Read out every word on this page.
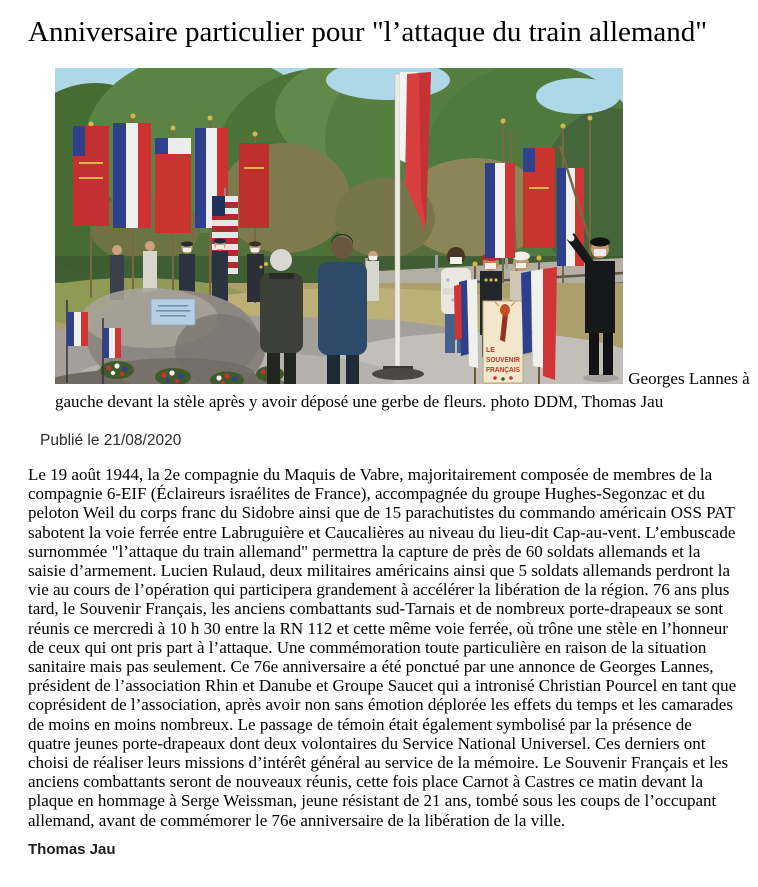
Anniversaire particulier pour "l’attaque du train allemand"

LE
SOUVENIR
FRANÇAIS	Georges Lannes à gauche devant la stèle après y avoir déposé une gerbe de fleurs. photo DDM, Thomas Jau

Publié le 21/08/2020

Le 19 août 1944, la 2e compagnie du Maquis de Vabre, majoritairement composée de membres de la compagnie 6-EIF (Éclaireurs israélites de France), accompagnée du groupe Hughes-Segonzac et du peloton Weil du corps franc du Sidobre ainsi que de 15 parachutistes du commando américain OSS PAT sabotent la voie ferrée entre Labruguière et Caucalières au niveau du lieu-dit Cap-au-vent. L’embuscade surnommée "l’attaque du train allemand" permettra la capture de près de 60 soldats allemands et la saisie d’armement. Lucien Rulaud, deux militaires américains ainsi que 5 soldats allemands perdront la vie au cours de l’opération qui participera grandement à accélérer la libération de la région. 76 ans plus tard, le Souvenir Français, les anciens combattants sud-Tarnais et de nombreux porte-drapeaux se sont réunis ce mercredi à 10 h 30 entre la RN 112 et cette même voie ferrée, où trône une stèle en l’honneur de ceux qui ont pris part à l’attaque. Une commémoration toute particulière en raison de la situation sanitaire mais pas seulement. Ce 76e anniversaire a été ponctué par une annonce de Georges Lannes, président de l’association Rhin et Danube et Groupe Saucet qui a intronisé Christian Pourcel en tant que coprésident de l’association, après avoir non sans émotion déplorée les effets du temps et les camarades de moins en moins nombreux. Le passage de témoin était également symbolisé par la présence de quatre jeunes porte-drapeaux dont deux volontaires du Service National Universel. Ces derniers ont choisi de réaliser leurs missions d’intérêt général au service de la mémoire. Le Souvenir Français et les anciens combattants seront de nouveaux réunis, cette fois place Carnot à Castres ce matin devant la plaque en hommage à Serge Weissman, jeune résistant de 21 ans, tombé sous les coups de l’occupant allemand, avant de commémorer le 76e anniversaire de la libération de la ville.

Thomas Jau
